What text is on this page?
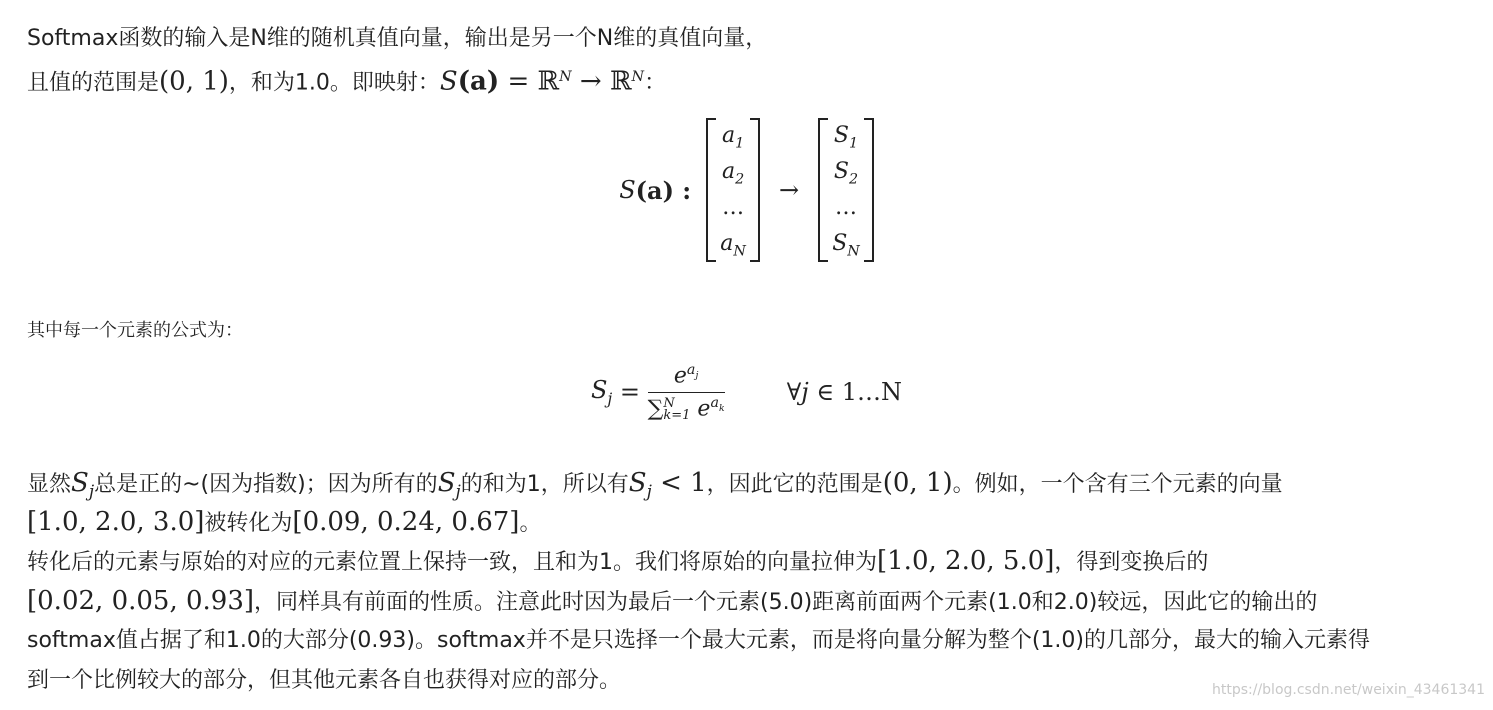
Softmax函数的输入是N维的随机真值向量，输出是另一个N维的真值向量，
且值的范围是(0, 1)，和为1.0。即映射：S(a) = ℝ$^N$ → ℝ$^N$：
S(a) :
$a_1$
$a_2$
…
$a_N$
→
$S_1$
$S_2$
…
$S_N$
其中每一个元素的公式为：
$S_j = e^{a_j}$
∑ N
k=1 $e^{a_k}$	∀j ∈ 1…N
显然$S_j$总是正的~(因为指数)；因为所有的$S_j$的和为1，所以有$S_j < 1$，因此它的范围是(0, 1)。例如，一个含有三个元素的向量
[1.0, 2.0, 3.0]被转化为[0.09, 0.24, 0.67]。
转化后的元素与原始的对应的元素位置上保持一致，且和为1。我们将原始的向量拉伸为[1.0, 2.0, 5.0]，得到变换后的
[0.02, 0.05, 0.93]，同样具有前面的性质。注意此时因为最后一个元素(5.0)距离前面两个元素(1.0和2.0)较远，因此它的输出的
softmax值占据了和1.0的大部分(0.93)。softmax并不是只选择一个最大元素，而是将向量分解为整个(1.0)的几部分，最大的输入元素得
到一个比例较大的部分，但其他元素各自也获得对应的部分。	https://blog.csdn.net/weixin_43461341
